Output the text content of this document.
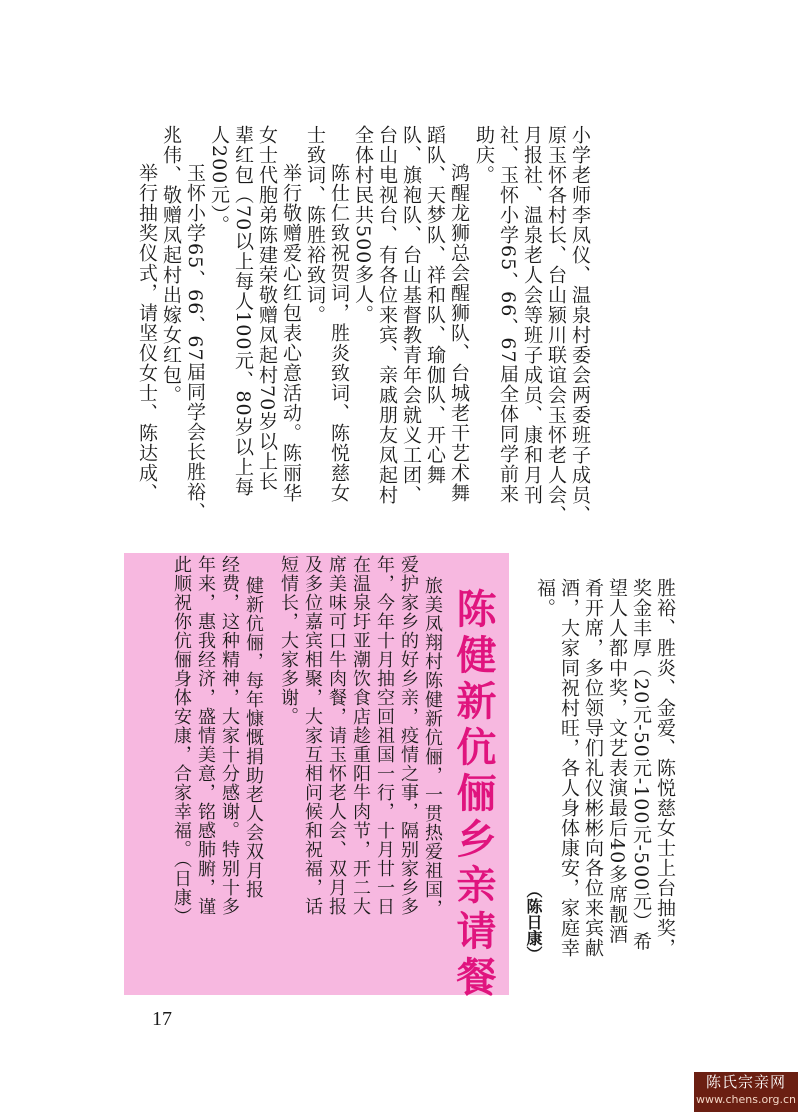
小学老师李凤仪、温泉村委会两委班子成员、
原玉怀各村长、台山颍川联谊会玉怀老人会、
月报社、温泉老人会等班子成员、康和月刊
社、玉怀小学65、66、67届全体同学前来
助庆。
鸿醒龙狮总会醒狮队、台城老干艺术舞
蹈队、天梦队、祥和队、瑜伽队、开心舞
队、旗袍队、台山基督教青年会就义工团、
台山电视台、有各位来宾、亲戚朋友凤起村
全体村民共500多人。
陈仕仁致祝贺词，胜炎致词、陈悦慈女
士致词、陈胜裕致词。
举行敬赠爱心红包表心意活动。陈丽华
女士代胞弟陈建荣敬赠凤起村70岁以上长
辈红包（70以上每人100元、80岁以上每
人200元）。
玉怀小学65、66、67届同学会长胜裕、
兆伟、敬赠凤起村出嫁女红包。
举行抽奖仪式，请坚仪女士、陈达成、
胜裕、胜炎、金爱、陈悦慈女士上台抽奖，
奖金丰厚（20元-50元-100元-500元）希
望人人都中奖，文艺表演最后40多席靓酒
肴开席，多位领导们礼仪彬彬向各位来宾献
酒，大家同祝村旺，各人身体康安，家庭幸
福。
（陈日康）
旅美凤翔村陈健新伉俪，一贯热爱祖国，
爱护家乡的好乡亲，疫情之事，隔别家乡多
年，今年十月抽空回祖国一行，十月廿一日
在温泉圩亚潮饮食店趁重阳牛肉节，开二大
席美味可口牛肉餐，请玉怀老人会、双月报
及多位嘉宾相聚，大家互相问候和祝福，话
短情长，大家多谢。
健新伉俪，每年慷慨捐助老人会双月报
经费，这种精神，大家十分感谢。特别十多
年来，惠我经济，盛情美意，铭感肺腑，谨
此顺祝你伉俪身体安康，合家幸福。（日康）	陈健新伉俪乡亲请餐
17
陈氏宗亲网
www.chens.org.cn
